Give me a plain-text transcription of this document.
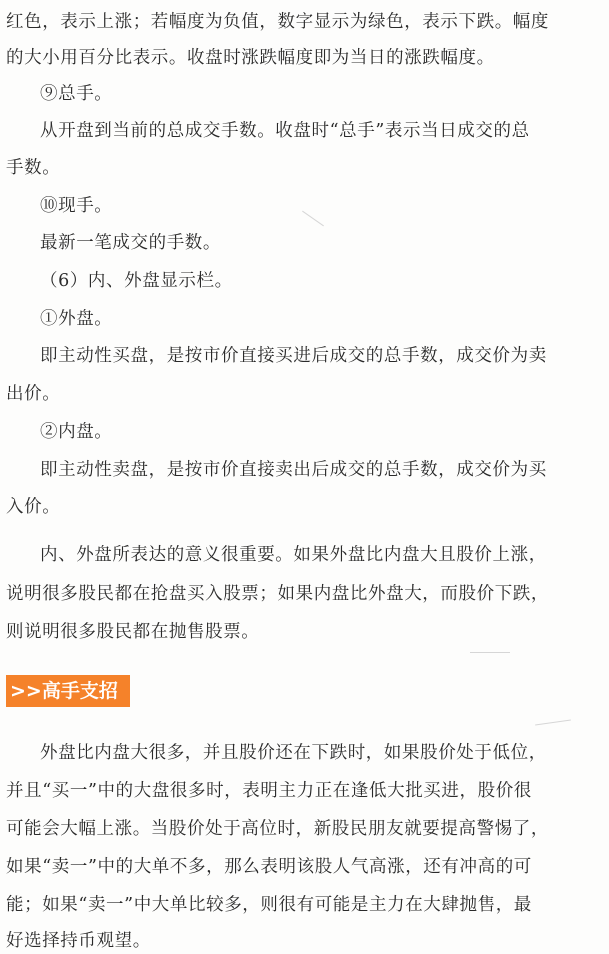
红色，表示上涨；若幅度为负值，数字显示为绿色，表示下跌。幅度
的大小用百分比表示。收盘时涨跌幅度即为当日的涨跌幅度。
⑨总手。
从开盘到当前的总成交手数。收盘时“总手”表示当日成交的总
手数。
⑩现手。
最新一笔成交的手数。
（6）内、外盘显示栏。
①外盘。
即主动性买盘，是按市价直接买进后成交的总手数，成交价为卖
出价。
②内盘。
即主动性卖盘，是按市价直接卖出后成交的总手数，成交价为买
入价。
内、外盘所表达的意义很重要。如果外盘比内盘大且股价上涨，
说明很多股民都在抢盘买入股票；如果内盘比外盘大，而股价下跌，
则说明很多股民都在抛售股票。
>>高手支招
外盘比内盘大很多，并且股价还在下跌时，如果股价处于低位，
并且“买一”中的大盘很多时，表明主力正在逢低大批买进，股价很
可能会大幅上涨。当股价处于高位时，新股民朋友就要提高警惕了，
如果“卖一”中的大单不多，那么表明该股人气高涨，还有冲高的可
能；如果“卖一”中大单比较多，则很有可能是主力在大肆抛售，最
好选择持币观望。
